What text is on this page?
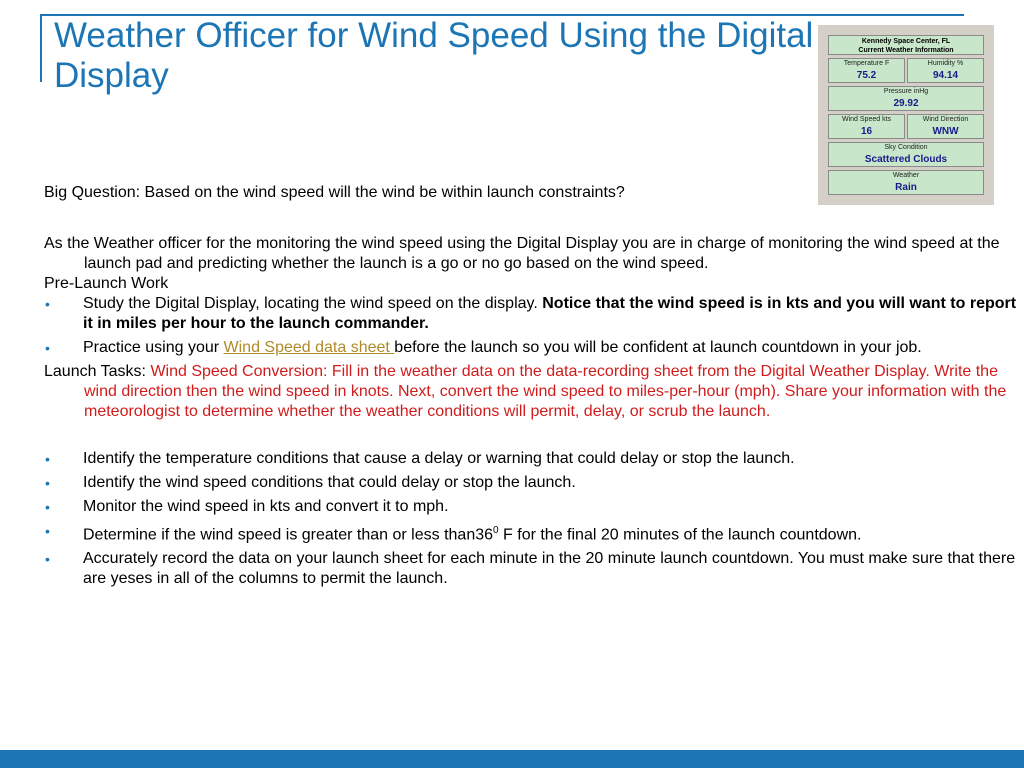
Weather Officer for Wind Speed Using the Digital Display
Kennedy Space Center, FL
Current Weather Information
Temperature F
75.2
Humidity %
94.14
Pressure inHg
29.92
Wind Speed kts
16
Wind Direction
WNW
Sky Condition
Scattered Clouds
Weather
Rain

Big Question: Based on the wind speed will the wind be within launch constraints?

As the Weather officer for the monitoring the wind speed using the Digital Display you are in charge of monitoring the wind speed at the launch pad and predicting whether the launch is a go or no go based on the wind speed.

Pre-Launch Work

• Study the Digital Display, locating the wind speed on the display. Notice that the wind speed is in kts and you will want to report it in miles per hour to the launch commander.

• Practice using your Wind Speed data sheet before the launch so you will be confident at launch countdown in your job.

Launch Tasks: Wind Speed Conversion: Fill in the weather data on the data-recording sheet from the Digital Weather Display. Write the wind direction then the wind speed in knots. Next, convert the wind speed to miles-per-hour (mph). Share your information with the meteorologist to determine whether the weather conditions will permit, delay, or scrub the launch.

• Identify the temperature conditions that cause a delay or warning that could delay or stop the launch.

• Identify the wind speed conditions that could delay or stop the launch.

• Monitor the wind speed in kts and convert it to mph.

• Determine if the wind speed is greater than or less $than36^0$ F for the final 20 minutes of the launch countdown.

• Accurately record the data on your launch sheet for each minute in the 20 minute launch countdown. You must make sure that there are yeses in all of the columns to permit the launch.
